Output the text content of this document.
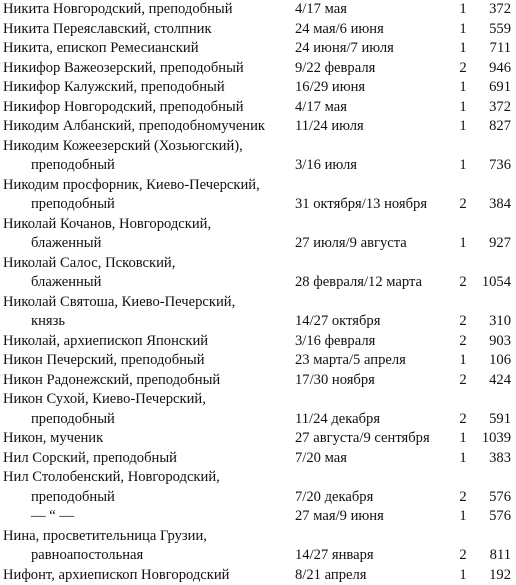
Никита Новгородский, преподобный	4/17 мая	1 372
Никита Переяславский, столпник	24 мая/6 июня	1 559
Никита, епископ Ремесианский	24 июня/7 июля	1 711
Никифор Важеозерский, преподобный	9/22 февраля	2 946
Никифор Калужский, преподобный	16/29 июня	1 691
Никифор Новгородский, преподобный	4/17 мая	1 372
Никодим Албанский, преподобномученик	11/24 июля	1 827
Никодим Кожеезерский (Хозьюгский),
преподобный	3/16 июля	1 736
Никодим просфорник, Киево-Печерский,
преподобный	31 октября/13 ноября 2 384
Николай Кочанов, Новгородский,
блаженный	27 июля/9 августа	1 927
Николай Салос, Псковский,
блаженный	28 февраля/12 марта	2 1054
Николай Святоша, Киево-Печерский,
князь	14/27 октября	2 310
Николай, архиепископ Японский	3/16 февраля	2 903
Никон Печерский, преподобный	23 марта/5 апреля	1 106
Никон Радонежский, преподобный	17/30 ноября	2 424
Никон Сухой, Киево-Печерский,
преподобный	11/24 декабря	2 591
Никон, мученик	27 августа/9 сентября 1 1039
Нил Сорский, преподобный	7/20 мая	1 383
Нил Столобенский, Новгородский,
преподобный	7/20 декабря	2 576
— “ —	27 мая/9 июня	1 576
Нина, просветительница Грузии,
равноапостольная	14/27 января	2 811
Нифонт, архиепископ Новгородский	8/21 апреля	1 192
